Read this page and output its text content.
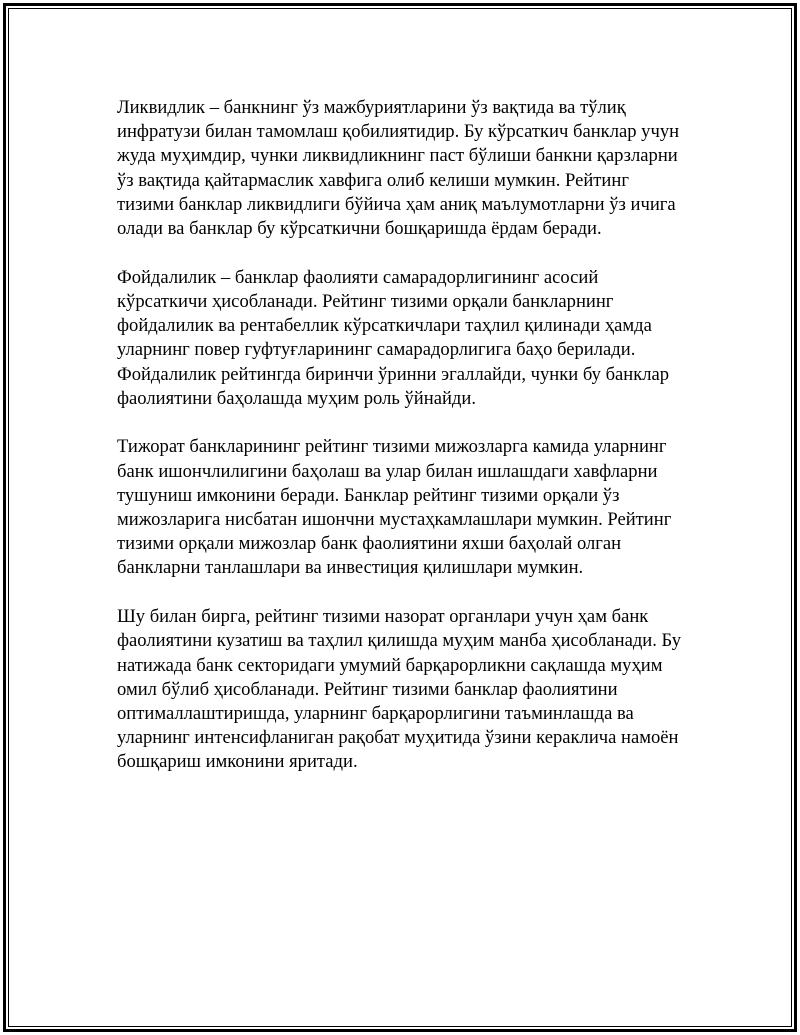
Ликвидлик – банкнинг ўз мажбуриятларини ўз вақтида ва тўлиқ
инфратузи билан тамомлаш қобилиятидир. Бу кўрсаткич банклар учун
жуда муҳимдир, чунки ликвидликнинг паст бўлиши банкни қарзларни
ўз вақтида қайтармаслик хавфига олиб келиши мумкин. Рейтинг
тизими банклар ликвидлиги бўйича ҳам аниқ маълумотларни ўз ичига
олади ва банклар бу кўрсаткични бошқаришда ёрдам беради.

Фойдалилик – банклар фаолияти самарадорлигининг асосий
кўрсаткичи ҳисобланади. Рейтинг тизими орқали банкларнинг
фойдалилик ва рентабеллик кўрсаткичлари таҳлил қилинади ҳамда
уларнинг повер гуфтуғларининг самарадорлигига баҳо берилади.
Фойдалилик рейтингда биринчи ўринни эгаллайди, чунки бу банклар
фаолиятини баҳолашда муҳим роль ўйнайди.

Тижорат банкларининг рейтинг тизими мижозларга камида уларнинг
банк ишончлилигини баҳолаш ва улар билан ишлашдаги хавфларни
тушуниш имконини беради. Банклар рейтинг тизими орқали ўз
мижозларига нисбатан ишончни мустаҳкамлашлари мумкин. Рейтинг
тизими орқали мижозлар банк фаолиятини яхши баҳолай олган
банкларни танлашлари ва инвестиция қилишлари мумкин.

Шу билан бирга, рейтинг тизими назорат органлари учун ҳам банк
фаолиятини кузатиш ва таҳлил қилишда муҳим манба ҳисобланади. Бу
натижада банк секторидаги умумий барқарорликни сақлашда муҳим
омил бўлиб ҳисобланади. Рейтинг тизими банклар фаолиятини
оптималлаштиришда, уларнинг барқарорлигини таъминлашда ва
уларнинг интенсифланиган рақобат муҳитида ўзини кераклича намоён
бошқариш имконини яритади.
